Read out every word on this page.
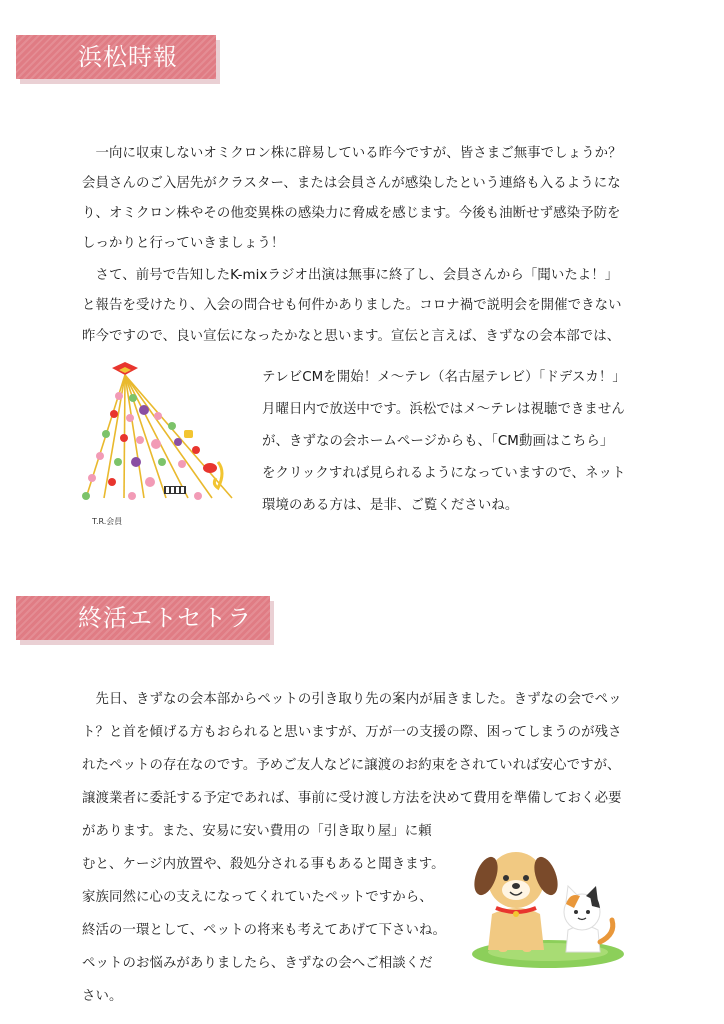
浜松時報
　一向に収束しないオミクロン株に辟易している昨今ですが、皆さまご無事でしょうか？
会員さんのご入居先がクラスター、または会員さんが感染したという連絡も入るようにな
り、オミクロン株やその他変異株の感染力に脅威を感じます。今後も油断せず感染予防を
しっかりと行っていきましょう！
　さて、前号で告知したK-mixラジオ出演は無事に終了し、会員さんから「聞いたよ！」
と報告を受けたり、入会の問合せも何件かありました。コロナ禍で説明会を開催できない
昨今ですので、良い宣伝になったかなと思います。宣伝と言えば、きずなの会本部では、
テレビCMを開始！メ～テレ（名古屋テレビ）「ドデスカ！」
月曜日内で放送中です。浜松ではメ～テレは視聴できません
が、きずなの会ホームページからも、「CM動画はこちら」
をクリックすれば見られるようになっていますので、ネット
環境のある方は、是非、ご覧くださいね。
T.R.会員
終活エトセトラ
　先日、きずなの会本部からペットの引き取り先の案内が届きました。きずなの会でペッ
ト？と首を傾げる方もおられると思いますが、万が一の支援の際、困ってしまうのが残さ
れたペットの存在なのです。予めご友人などに譲渡のお約束をされていれば安心ですが、
譲渡業者に委託する予定であれば、事前に受け渡し方法を決めて費用を準備しておく必要
があります。また、安易に安い費用の「引き取り屋」に頼
むと、ケージ内放置や、殺処分される事もあると聞きます。
家族同然に心の支えになってくれていたペットですから、
終活の一環として、ペットの将来も考えてあげて下さいね。
ペットのお悩みがありましたら、きずなの会へご相談くだ
さい。
